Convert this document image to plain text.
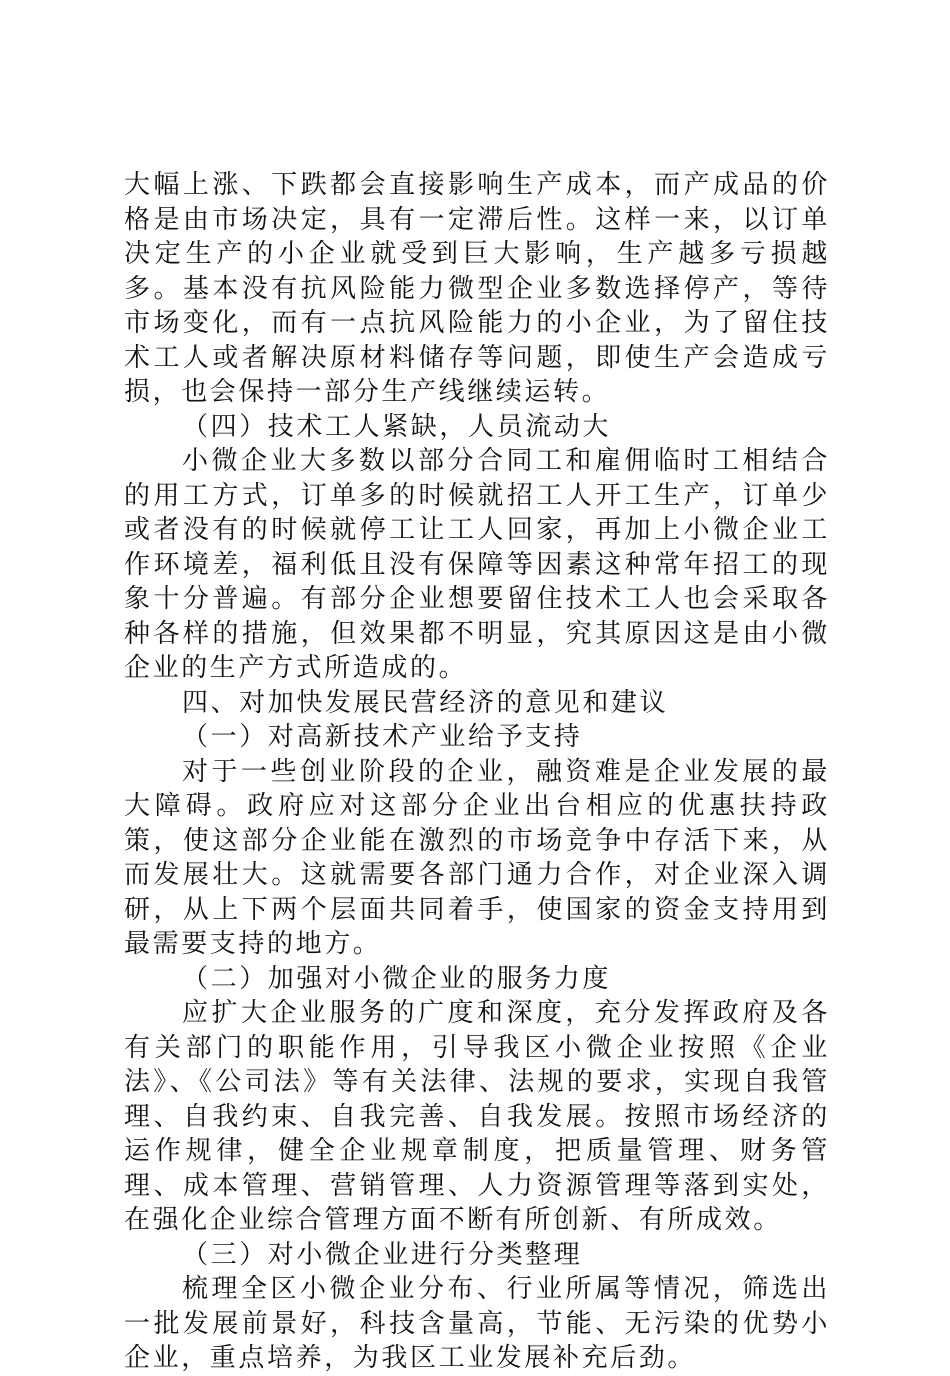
大幅上涨、下跌都会直接影响生产成本，而产成品的价格是由市场决定，具有一定滞后性。这样一来，以订单决定生产的小企业就受到巨大影响，生产越多亏损越多。基本没有抗风险能力微型企业多数选择停产，等待市场变化，而有一点抗风险能力的小企业，为了留住技术工人或者解决原材料储存等问题，即使生产会造成亏损，也会保持一部分生产线继续运转。

（四）技术工人紧缺，人员流动大

小微企业大多数以部分合同工和雇佣临时工相结合的用工方式，订单多的时候就招工人开工生产，订单少或者没有的时候就停工让工人回家，再加上小微企业工作环境差，福利低且没有保障等因素这种常年招工的现象十分普遍。有部分企业想要留住技术工人也会采取各种各样的措施，但效果都不明显，究其原因这是由小微企业的生产方式所造成的。

四、对加快发展民营经济的意见和建议

（一）对高新技术产业给予支持

对于一些创业阶段的企业，融资难是企业发展的最大障碍。政府应对这部分企业出台相应的优惠扶持政策，使这部分企业能在激烈的市场竞争中存活下来，从而发展壮大。这就需要各部门通力合作，对企业深入调研，从上下两个层面共同着手，使国家的资金支持用到最需要支持的地方。

（二）加强对小微企业的服务力度

应扩大企业服务的广度和深度，充分发挥政府及各有关部门的职能作用，引导我区小微企业按照《企业法》、《公司法》等有关法律、法规的要求，实现自我管理、自我约束、自我完善、自我发展。按照市场经济的运作规律，健全企业规章制度，把质量管理、财务管理、成本管理、营销管理、人力资源管理等落到实处，在强化企业综合管理方面不断有所创新、有所成效。

（三）对小微企业进行分类整理

梳理全区小微企业分布、行业所属等情况，筛选出一批发展前景好，科技含量高，节能、无污染的优势小企业，重点培养，为我区工业发展补充后劲。
